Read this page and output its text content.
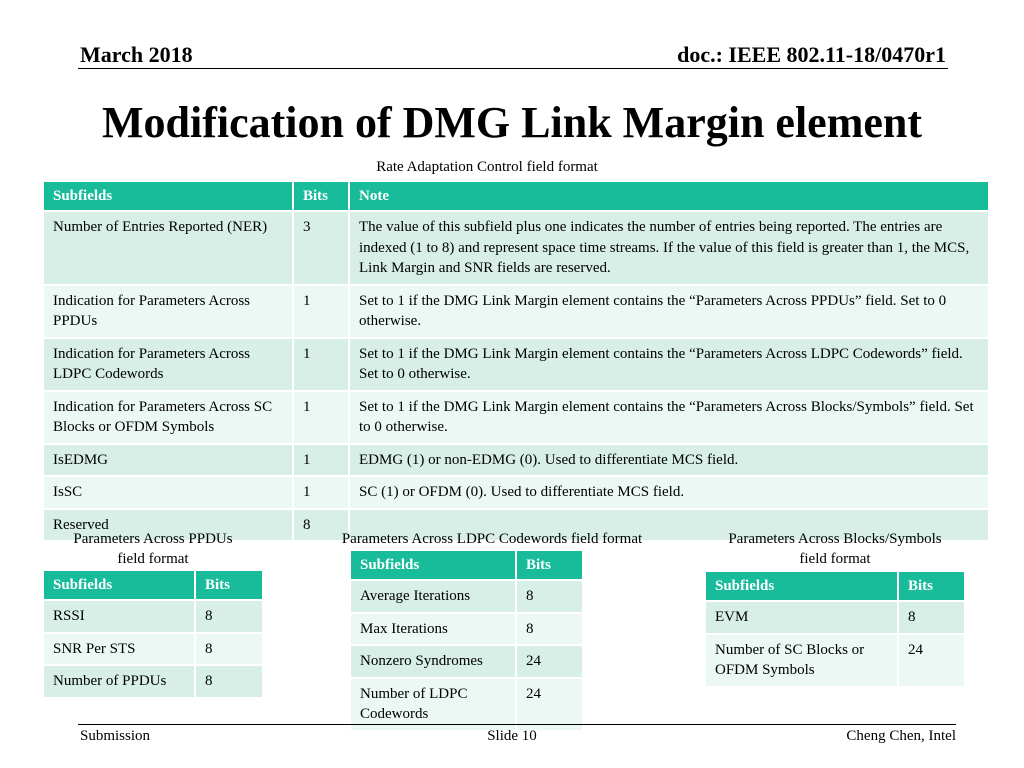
March 2018	doc.: IEEE 802.11-18/0470r1
Modification of DMG Link Margin element
Rate Adaptation Control field format
Subfields	Bits	Note
Number of Entries Reported (NER)	3	The value of this subfield plus one indicates the number of entries being reported. The entries are indexed (1 to 8) and represent space time streams. If the value of this field is greater than 1, the MCS, Link Margin and SNR fields are reserved.
Indication for Parameters Across PPDUs	1	Set to 1 if the DMG Link Margin element contains the “Parameters Across PPDUs” field. Set to 0 otherwise.
Indication for Parameters Across LDPC Codewords	1	Set to 1 if the DMG Link Margin element contains the “Parameters Across LDPC Codewords” field. Set to 0 otherwise.
Indication for Parameters Across SC Blocks or OFDM Symbols	1	Set to 1 if the DMG Link Margin element contains the “Parameters Across Blocks/Symbols” field. Set to 0 otherwise.
IsEDMG	1	EDMG (1) or non-EDMG (0). Used to differentiate MCS field.
IsSC	1	SC (1) or OFDM (0). Used to differentiate MCS field.
Reserved	8	
Parameters Across PPDUs field format
Subfields	Bits
RSSI	8
SNR Per STS	8
Number of PPDUs	8
Parameters Across LDPC Codewords field format
Subfields	Bits
Average Iterations	8
Max Iterations	8
Nonzero Syndromes	24
Number of LDPC Codewords	24
Parameters Across Blocks/Symbols field format
Subfields	Bits
EVM	8
Number of SC Blocks or OFDM Symbols	24
Submission	Slide 10	Cheng Chen, Intel
